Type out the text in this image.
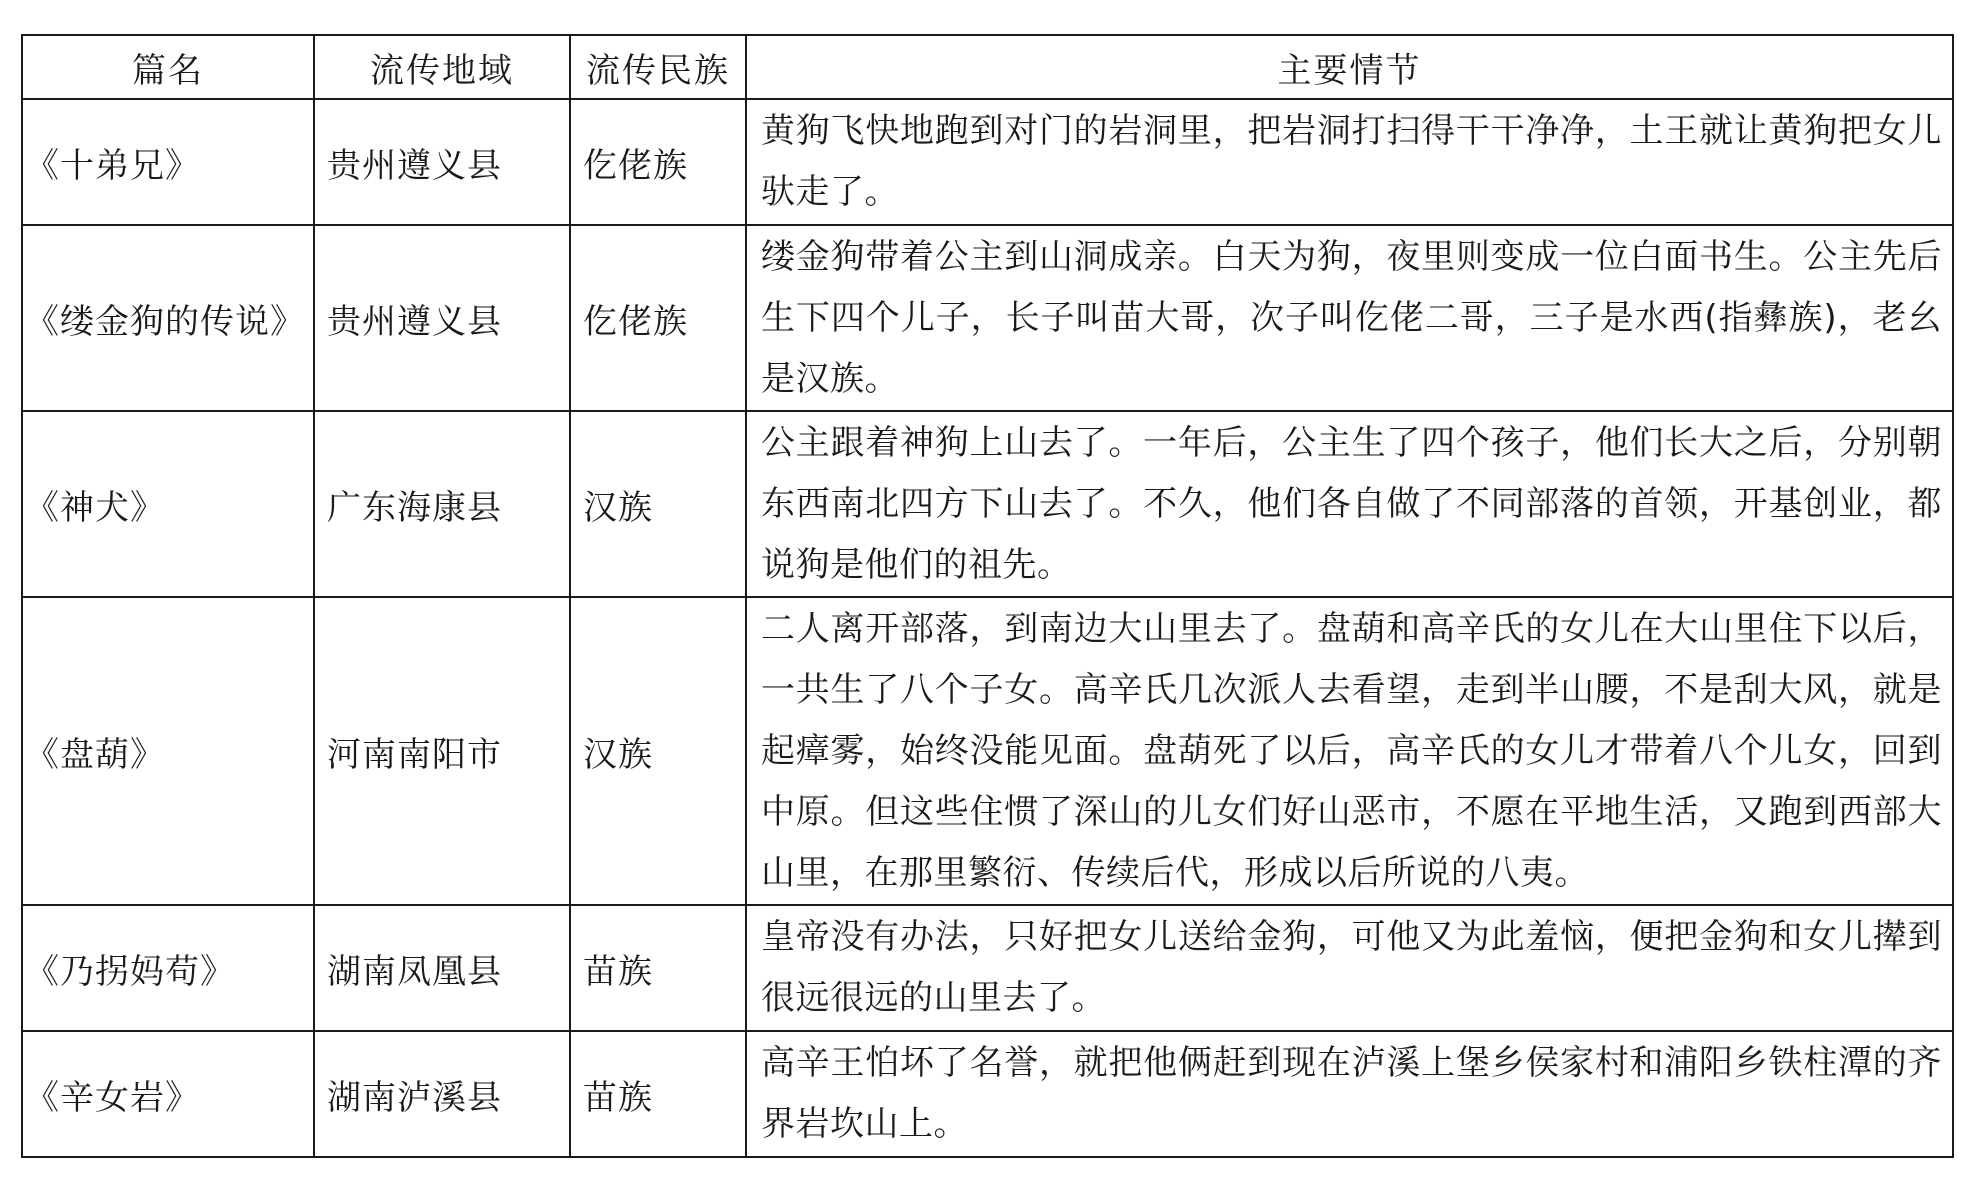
篇名	流传地域	流传民族	主要情节
《十弟兄》	贵州遵义县	仡佬族	黄狗飞快地跑到对门的岩洞里，把岩洞打扫得干干净净，土王就让黄狗把女儿驮走了。
《缕金狗的传说》	贵州遵义县	仡佬族	缕金狗带着公主到山洞成亲。白天为狗，夜里则变成一位白面书生。公主先后生下四个儿子，长子叫苗大哥，次子叫仡佬二哥，三子是水西(指彝族)，老幺是汉族。
《神犬》	广东海康县	汉族	公主跟着神狗上山去了。一年后，公主生了四个孩子，他们长大之后，分别朝东西南北四方下山去了。不久，他们各自做了不同部落的首领，开基创业，都说狗是他们的祖先。
《盘葫》	河南南阳市	汉族	二人离开部落，到南边大山里去了。盘葫和高辛氏的女儿在大山里住下以后，一共生了八个子女。高辛氏几次派人去看望，走到半山腰，不是刮大风，就是起瘴雾，始终没能见面。盘葫死了以后，高辛氏的女儿才带着八个儿女，回到中原。但这些住惯了深山的儿女们好山恶市，不愿在平地生活，又跑到西部大山里，在那里繁衍、传续后代，形成以后所说的八夷。
《乃拐妈苟》	湖南凤凰县	苗族	皇帝没有办法，只好把女儿送给金狗，可他又为此羞恼，便把金狗和女儿撵到很远很远的山里去了。
《辛女岩》	湖南泸溪县	苗族	高辛王怕坏了名誉，就把他俩赶到现在泸溪上堡乡侯家村和浦阳乡铁柱潭的齐界岩坎山上。
